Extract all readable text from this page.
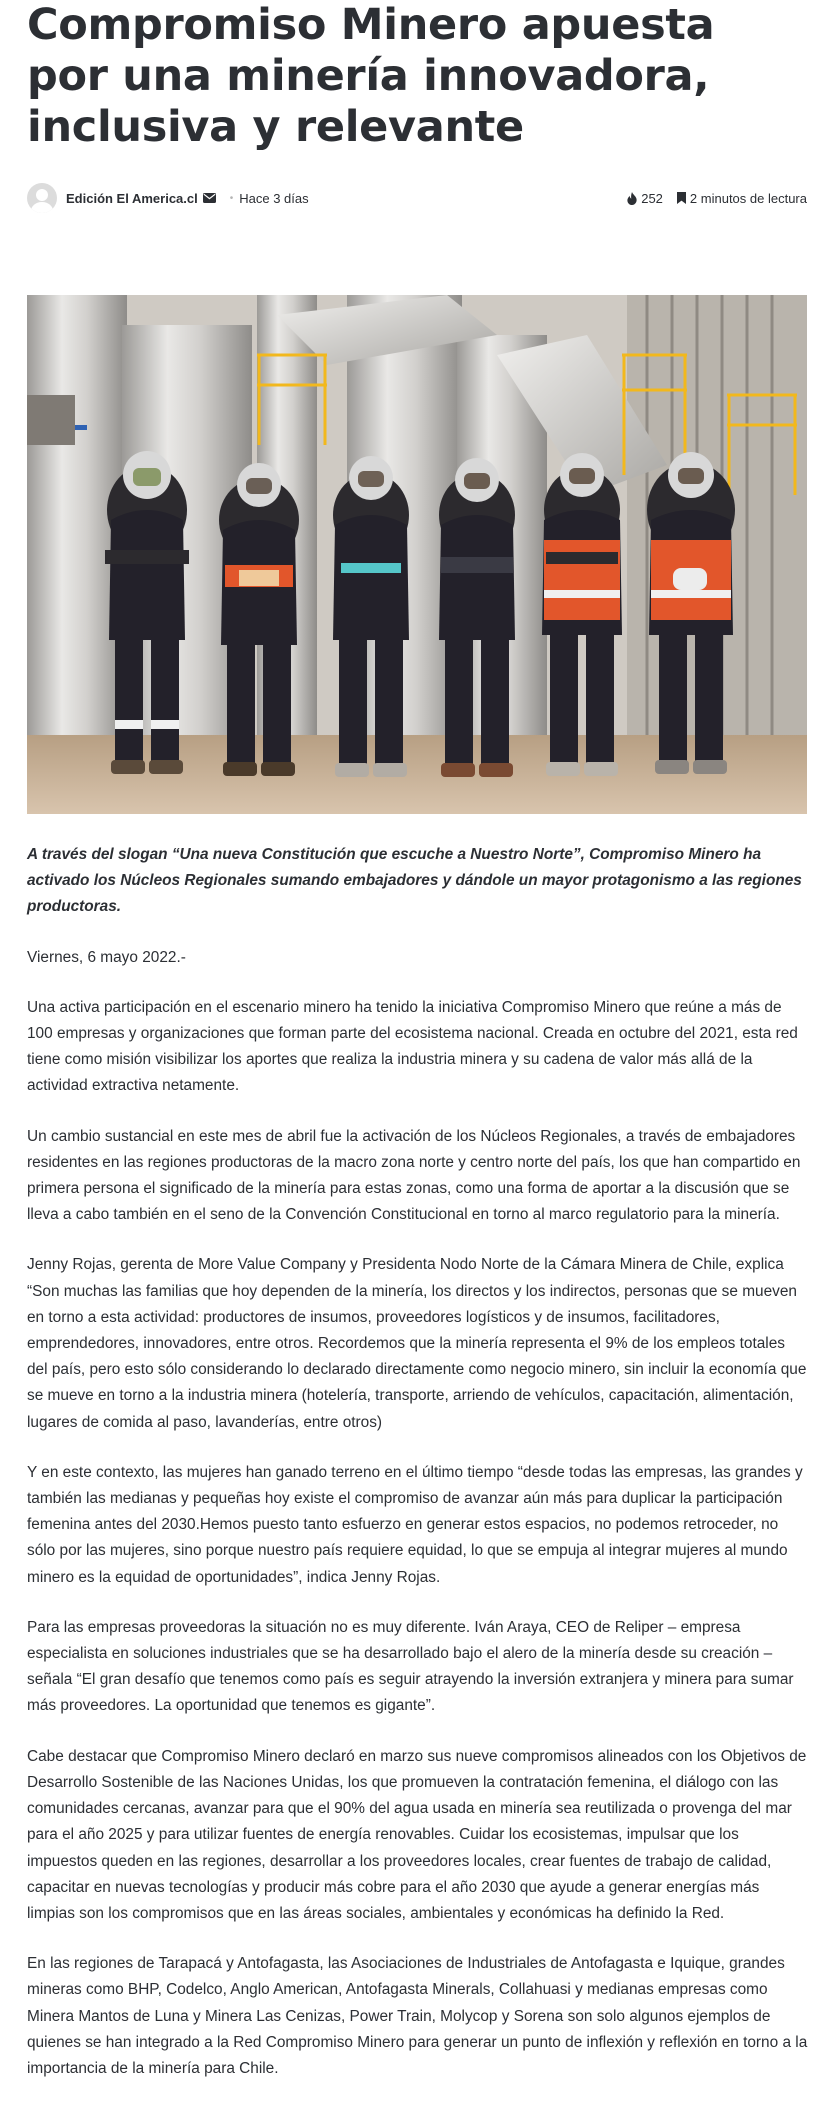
Compromiso Minero apuesta por una minería innovadora, inclusiva y relevante
Edición El America.cl	• Hace 3 días	252 2 minutos de lectura

A través del slogan “Una nueva Constitución que escuche a Nuestro Norte”, Compromiso Minero ha activado los Núcleos Regionales sumando embajadores y dándole un mayor protagonismo a las regiones productoras.

Viernes, 6 mayo 2022.-

Una activa participación en el escenario minero ha tenido la iniciativa Compromiso Minero que reúne a más de 100 empresas y organizaciones que forman parte del ecosistema nacional. Creada en octubre del 2021, esta red tiene como misión visibilizar los aportes que realiza la industria minera y su cadena de valor más allá de la actividad extractiva netamente.

Un cambio sustancial en este mes de abril fue la activación de los Núcleos Regionales, a través de embajadores residentes en las regiones productoras de la macro zona norte y centro norte del país, los que han compartido en primera persona el significado de la minería para estas zonas, como una forma de aportar a la discusión que se lleva a cabo también en el seno de la Convención Constitucional en torno al marco regulatorio para la minería.

Jenny Rojas, gerenta de More Value Company y Presidenta Nodo Norte de la Cámara Minera de Chile, explica “Son muchas las familias que hoy dependen de la minería, los directos y los indirectos, personas que se mueven en torno a esta actividad: productores de insumos, proveedores logísticos y de insumos, facilitadores, emprendedores, innovadores, entre otros. Recordemos que la minería representa el 9% de los empleos totales del país, pero esto sólo considerando lo declarado directamente como negocio minero, sin incluir la economía que se mueve en torno a la industria minera (hotelería, transporte, arriendo de vehículos, capacitación, alimentación, lugares de comida al paso, lavanderías, entre otros)

Y en este contexto, las mujeres han ganado terreno en el último tiempo “desde todas las empresas, las grandes y también las medianas y pequeñas hoy existe el compromiso de avanzar aún más para duplicar la participación femenina antes del 2030.Hemos puesto tanto esfuerzo en generar estos espacios, no podemos retroceder, no sólo por las mujeres, sino porque nuestro país requiere equidad, lo que se empuja al integrar mujeres al mundo minero es la equidad de oportunidades”, indica Jenny Rojas.

Para las empresas proveedoras la situación no es muy diferente. Iván Araya, CEO de Reliper – empresa especialista en soluciones industriales que se ha desarrollado bajo el alero de la minería desde su creación – señala “El gran desafío que tenemos como país es seguir atrayendo la inversión extranjera y minera para sumar más proveedores. La oportunidad que tenemos es gigante”.

Cabe destacar que Compromiso Minero declaró en marzo sus nueve compromisos alineados con los Objetivos de Desarrollo Sostenible de las Naciones Unidas, los que promueven la contratación femenina, el diálogo con las comunidades cercanas, avanzar para que el 90% del agua usada en minería sea reutilizada o provenga del mar para el año 2025 y para utilizar fuentes de energía renovables. Cuidar los ecosistemas, impulsar que los impuestos queden en las regiones, desarrollar a los proveedores locales, crear fuentes de trabajo de calidad, capacitar en nuevas tecnologías y producir más cobre para el año 2030 que ayude a generar energías más limpias son los compromisos que en las áreas sociales, ambientales y económicas ha definido la Red.

En las regiones de Tarapacá y Antofagasta, las Asociaciones de Industriales de Antofagasta e Iquique, grandes mineras como BHP, Codelco, Anglo American, Antofagasta Minerals, Collahuasi y medianas empresas como Minera Mantos de Luna y Minera Las Cenizas, Power Train, Molycop y Sorena son solo algunos ejemplos de quienes se han integrado a la Red Compromiso Minero para generar un punto de inflexión y reflexión en torno a la importancia de la minería para Chile.
